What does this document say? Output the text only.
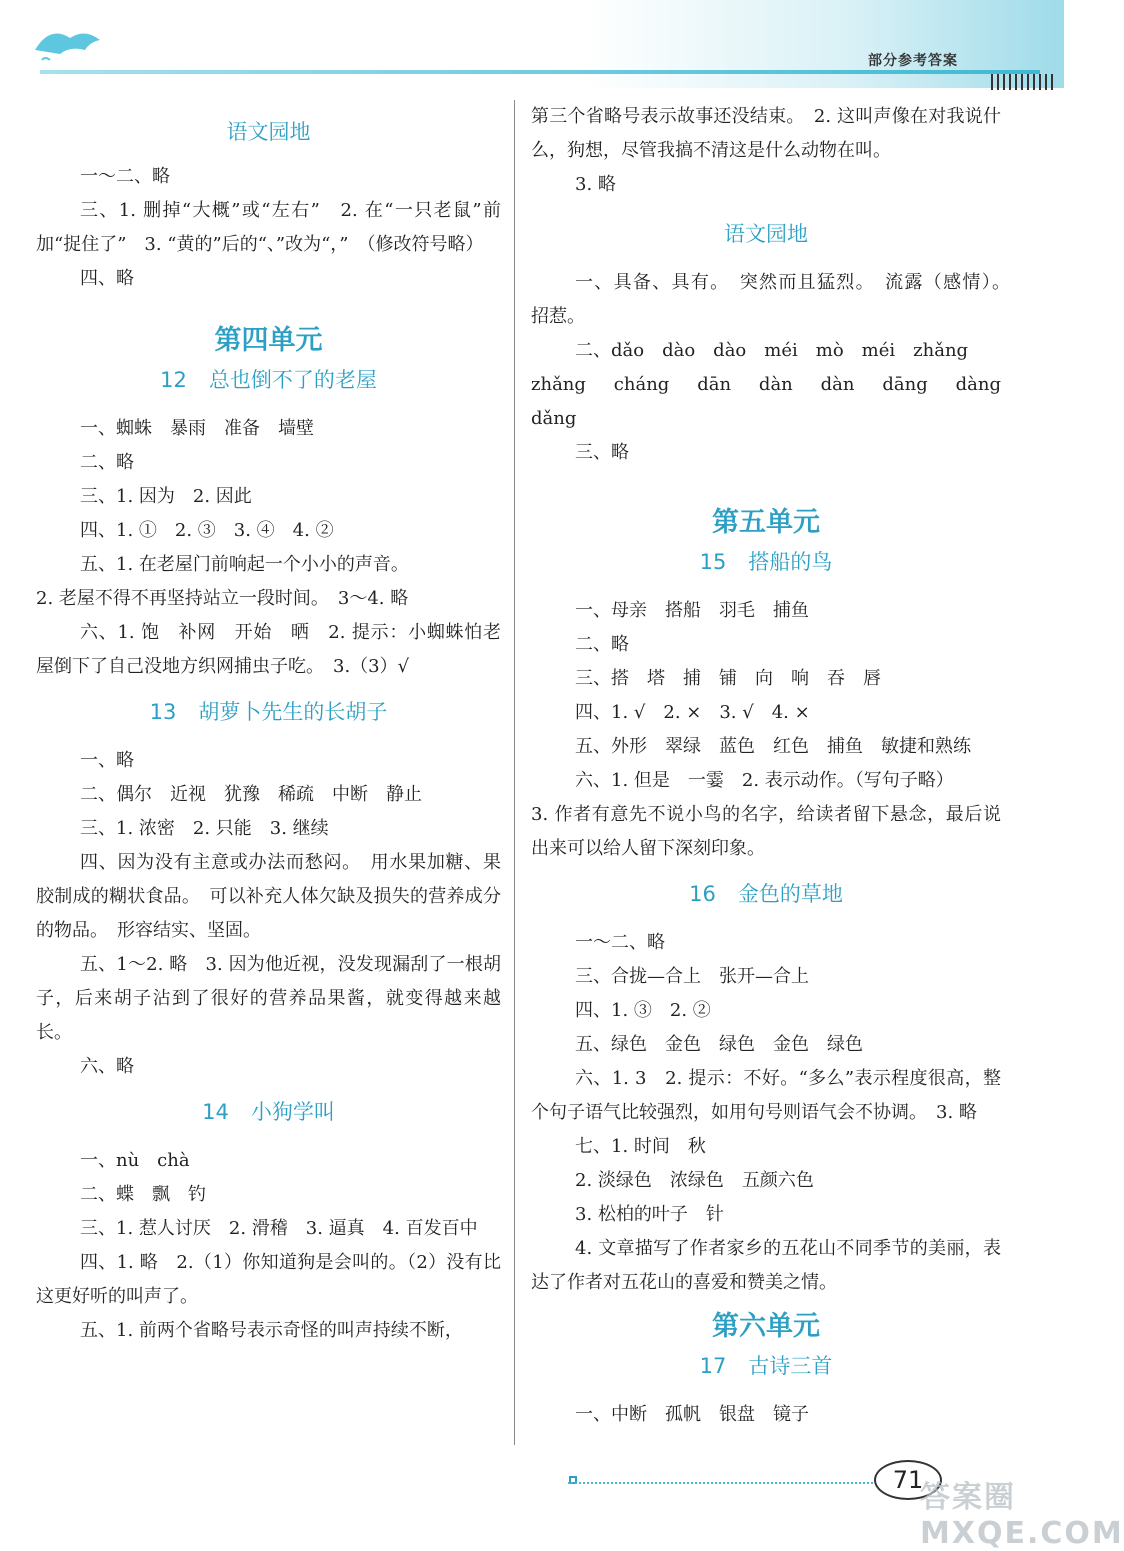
部分参考答案
语文园地
一～二、略
三、1. 删掉“大概”或“左右”　2. 在“一只老鼠”前加“捉住了”　3. “黄的”后的“、”改为“，”　（修改符号略）
四、略
第四单元
12 总也倒不了的老屋
一、蜘蛛　暴雨　准备　墙壁
二、略
三、1. 因为　2. 因此
四、1. ①　2. ③　3. ④　4. ②
五、1. 在老屋门前响起一个小小的声音。
2. 老屋不得不再坚持站立一段时间。　3～4. 略
六、1. 饱　补网　开始　晒　2. 提示：小蜘蛛怕老屋倒下了自己没地方织网捕虫子吃。　3.（3）√
13 胡萝卜先生的长胡子
一、略
二、偶尔　近视　犹豫　稀疏　中断　静止
三、1. 浓密　2. 只能　3. 继续
四、因为没有主意或办法而愁闷。　用水果加糖、果胶制成的糊状食品。　可以补充人体欠缺及损失的营养成分的物品。　形容结实、坚固。
五、1～2. 略　3. 因为他近视，没发现漏刮了一根胡子，后来胡子沾到了很好的营养品果酱，就变得越来越长。
六、略
14 小狗学叫
一、nù　chà
二、蝶　飘　钓
三、1. 惹人讨厌　2. 滑稽　3. 逼真　4. 百发百中
四、1. 略　2.（1）你知道狗是会叫的。（2）没有比这更好听的叫声了。
五、1. 前两个省略号表示奇怪的叫声持续不断，
第三个省略号表示故事还没结束。　2. 这叫声像在对我说什么，狗想，尽管我搞不清这是什么动物在叫。
3. 略
语文园地
一、具备、具有。　突然而且猛烈。　流露（感情）。　招惹。
二、dǎo　dào　dào　méi　mò　méi　zhǎng
zhǎng　cháng　dān　dàn　dàn　dāng　dàng　dǎng
三、略
第五单元
15 搭船的鸟
一、母亲　搭船　羽毛　捕鱼
二、略
三、搭　塔　捕　铺　向　响　吞　唇
四、1. √　2. ×　3. √　4. ×
五、外形　翠绿　蓝色　红色　捕鱼　敏捷和熟练
六、1. 但是　一霎　2. 表示动作。（写句子略）
3. 作者有意先不说小鸟的名字，给读者留下悬念，最后说出来可以给人留下深刻印象。
16 金色的草地
一～二、略
三、合拢—合上　张开—合上
四、1. ③　2. ②
五、绿色　金色　绿色　金色　绿色
六、1. 3　2. 提示：不好。“多么”表示程度很高，整个句子语气比较强烈，如用句号则语气会不协调。　3. 略
七、1. 时间　秋
2. 淡绿色　浓绿色　五颜六色
3. 松柏的叶子　针
4. 文章描写了作者家乡的五花山不同季节的美丽，表达了作者对五花山的喜爱和赞美之情。
第六单元
17 古诗三首
一、中断　孤帆　银盘　镜子
71
答案圈 MXQE.COM
